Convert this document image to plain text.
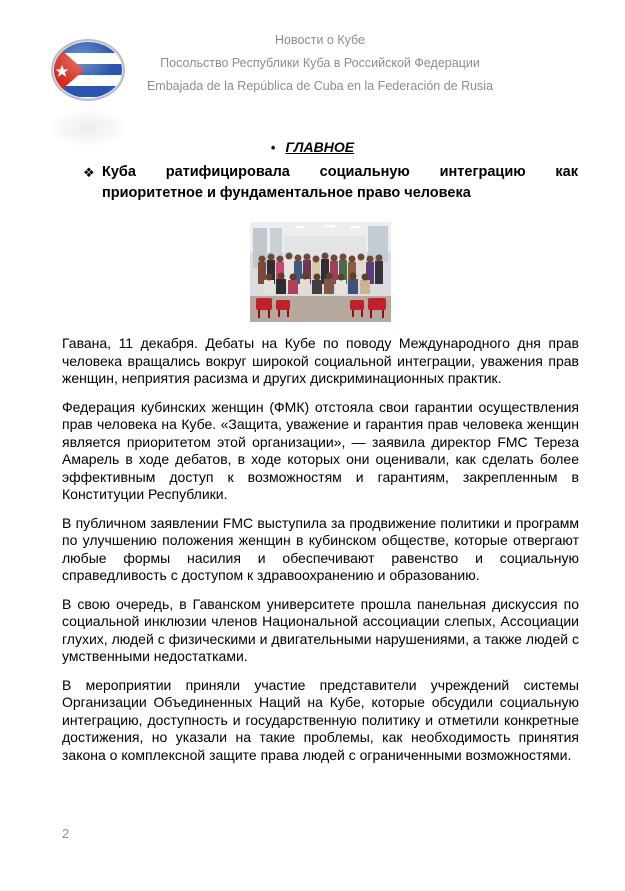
Новости о Кубе
Посольство Республики Куба в Российской Федерации
Embajada de la República de Cuba en la Federación de Rusia
• ГЛАВНОЕ
❖ Куба ратифицировала социальную интеграцию как приоритетное и фундаментальное право человека

Гавана, 11 декабря. Дебаты на Кубе по поводу Международного дня прав человека вращались вокруг широкой социальной интеграции, уважения прав женщин, неприятия расизма и других дискриминационных практик.

Федерация кубинских женщин (ФМК) отстояла свои гарантии осуществления прав человека на Кубе. «Защита, уважение и гарантия прав человека женщин является приоритетом этой организации», — заявила директор FMC Тереза Амарель в ходе дебатов, в ходе которых они оценивали, как сделать более эффективным доступ к возможностям и гарантиям, закрепленным в Конституции Республики.

В публичном заявлении FMC выступила за продвижение политики и программ по улучшению положения женщин в кубинском обществе, которые отвергают любые формы насилия и обеспечивают равенство и социальную справедливость с доступом к здравоохранению и образованию.

В свою очередь, в Гаванском университете прошла панельная дискуссия по социальной инклюзии членов Национальной ассоциации слепых, Ассоциации глухих, людей с физическими и двигательными нарушениями, а также людей с умственными недостатками.

В мероприятии приняли участие представители учреждений системы Организации Объединенных Наций на Кубе, которые обсудили социальную интеграцию, доступность и государственную политику и отметили конкретные достижения, но указали на такие проблемы, как необходимость принятия закона о комплексной защите права людей с ограниченными возможностями.

2
